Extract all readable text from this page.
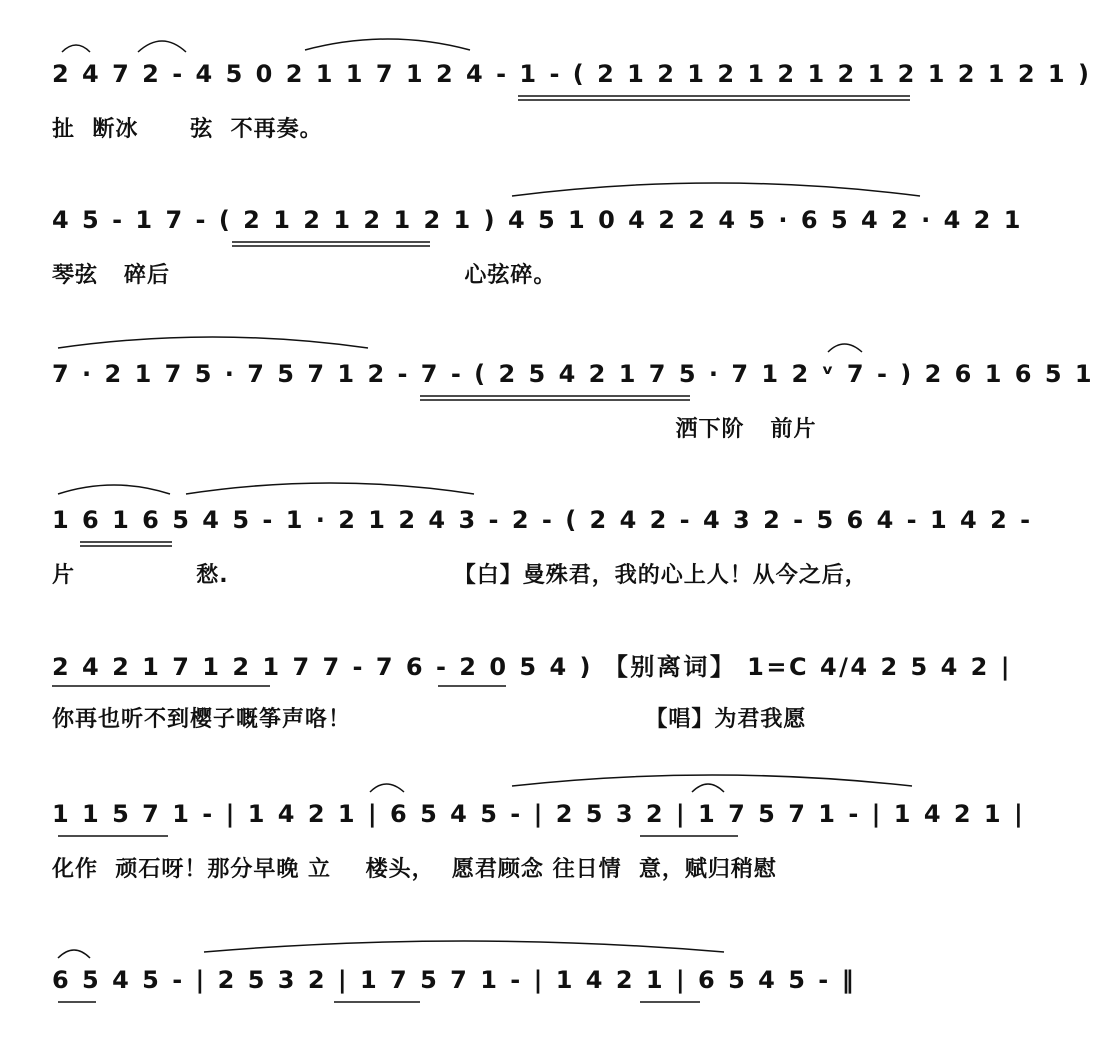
2 4 7 2 - 4 5 0 2 1 1 7 1 2 4 - 1 - ( 2 1 2 1 2 1 2 1 2 1 2 1 2 1 2 1 )
扯  断冰      弦  不再奏。
4 5 - 1 7 - ( 2 1 2 1 2 1 2 1 ) 4 5 1 0 4 2 2 4 5 · 6 5 4 2 · 4 2 1
琴弦   碎后                                  心弦碎。
7 · 2 1 7 5 · 7 5 7 1 2 - 7 - ( 2 5 4 2 1 7 5 · 7 1 2 ᵛ 7 - ) 2 6 1 6 5 1
洒下阶   前片
1 6 1 6 5 4 5 - 1 · 2 1 2 4 3 - 2 - ( 2 4 2 - 4 3 2 - 5 6 4 - 1 4 2 -
片              愁.                          【白】曼殊君，我的心上人！从今之后，
2 4 2 1 7 1 2 1 7 7 - 7 6 - 2 0 5 4 ) 【别离词】 1=C 4/4 2 5 4 2 |
你再也听不到樱子嘅筝声咯！                                  【唱】为君我愿
1 1 5 7 1 - | 1 4 2 1 | 6 5 4 5 - | 2 5 3 2 | 1 7 5 7 1 - | 1 4 2 1 |
化作  顽石呀！那分早晚 立    楼头，  愿君顾念 往日情  意，赋归稍慰
6 5 4 5 - | 2 5 3 2 | 1 7 5 7 1 - | 1 4 2 1 | 6 5 4 5 - ‖
